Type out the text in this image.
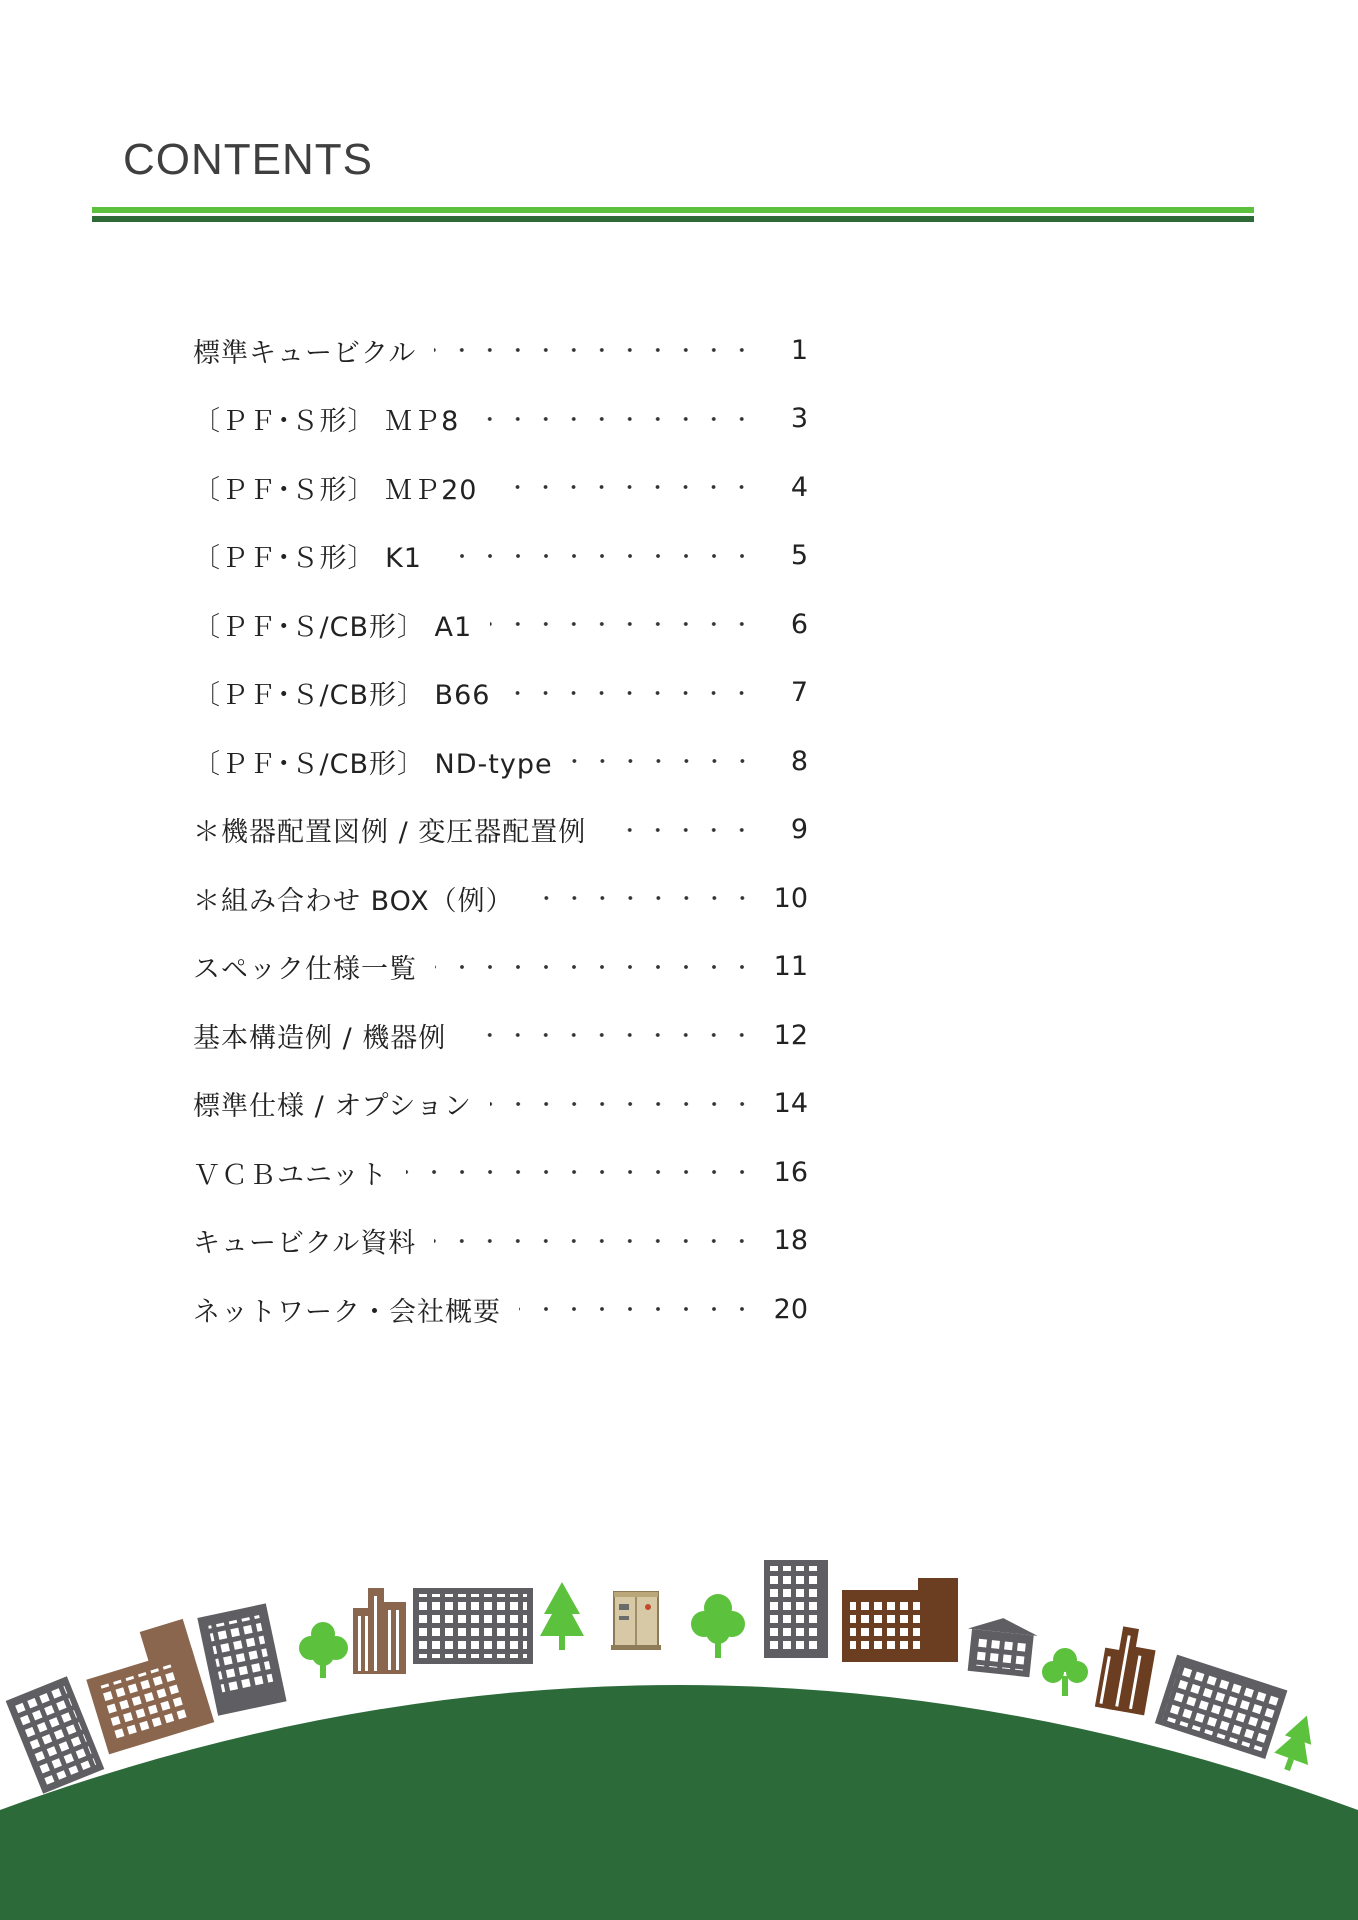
CONTENTS
標準キュービクル	1
〔ＰＦ･Ｓ形〕 ＭＰ8	3
〔ＰＦ･Ｓ形〕 ＭＰ20	4
〔ＰＦ･Ｓ形〕 K1	5
〔ＰＦ･Ｓ/CB形〕 A1	6
〔ＰＦ･Ｓ/CB形〕 B66	7
〔ＰＦ･Ｓ/CB形〕 ND-type	8
＊機器配置図例 / 変圧器配置例	9
＊組み合わせ BOX（例）	10
スペック仕様一覧	11
基本構造例 / 機器例	12
標準仕様 / オプション	14
ＶＣＢユニット	16
キュービクル資料	18
ネットワーク・会社概要	20
